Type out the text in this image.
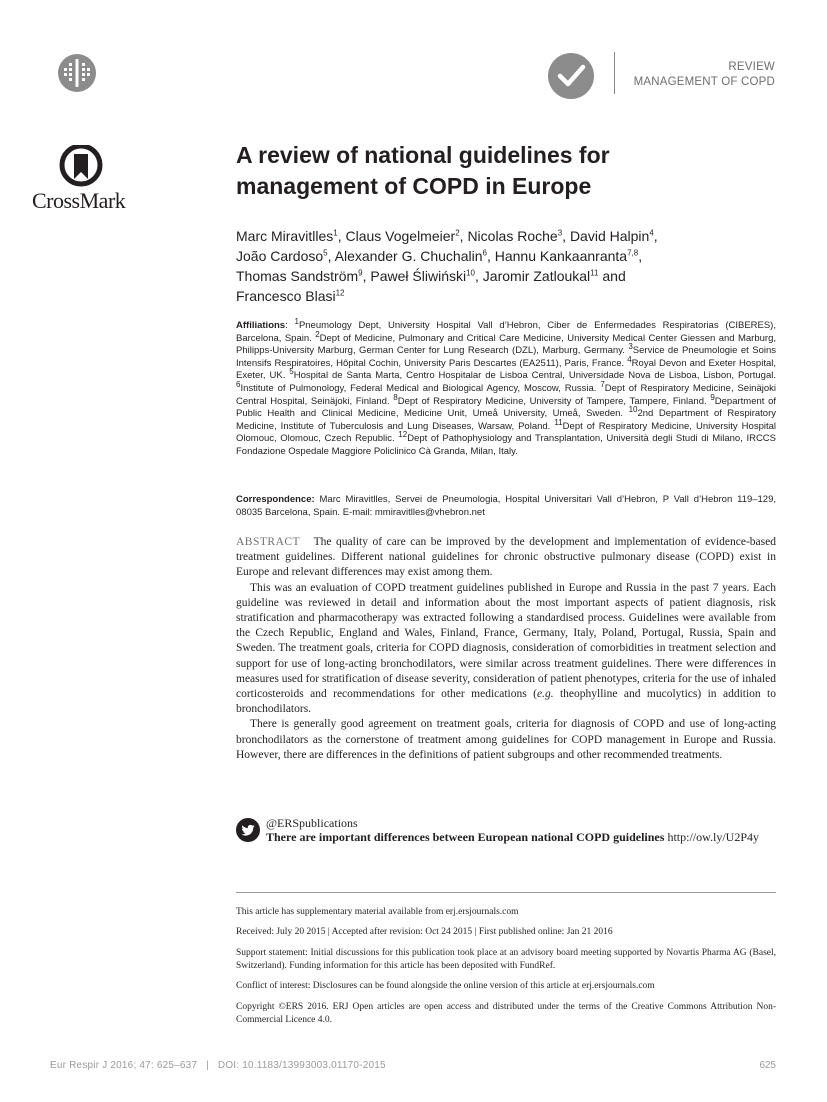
REVIEW
MANAGEMENT OF COPD
CrossMark
A review of national guidelines for
management of COPD in Europe
Marc Miravitlles$^1$, Claus Vogelmeier$^2$, Nicolas Roche$^3$, David Halpin$^4$,
João Cardoso$^5$, Alexander G. Chuchalin$^6$, Hannu Kankaanranta$^{7,8}$,
Thomas Sandström$^9$, Paweł Śliwiński$^{10}$, Jaromir Zatloukal$^{11}$ and
Francesco Blasi$^{12}$
Affiliations: $^1$Pneumology Dept, University Hospital Vall d’Hebron, Ciber de Enfermedades Respiratorias (CIBERES), Barcelona, Spain. $^2$Dept of Medicine, Pulmonary and Critical Care Medicine, University Medical Center Giessen and Marburg, Philipps-University Marburg, German Center for Lung Research (DZL), Marburg, Germany. $^3$Service de Pneumologie et Soins Intensifs Respiratoires, Hôpital Cochin, University Paris Descartes (EA2511), Paris, France. $^4$Royal Devon and Exeter Hospital, Exeter, UK. $^5$Hospital de Santa Marta, Centro Hospitalar de Lisboa Central, Universidade Nova de Lisboa, Lisbon, Portugal. $^6$Institute of Pulmonology, Federal Medical and Biological Agency, Moscow, Russia. $^7$Dept of Respiratory Medicine, Seinäjoki Central Hospital, Seinäjoki, Finland. $^8$Dept of Respiratory Medicine, University of Tampere, Tampere, Finland. $^9$Department of Public Health and Clinical Medicine, Medicine Unit, Umeå University, Umeå, Sweden. $^{10}$2nd Department of Respiratory Medicine, Institute of Tuberculosis and Lung Diseases, Warsaw, Poland. $^{11}$Dept of Respiratory Medicine, University Hospital Olomouc, Olomouc, Czech Republic. $^{12}$Dept of Pathophysiology and Transplantation, Università degli Studi di Milano, IRCCS Fondazione Ospedale Maggiore Policlinico Cà Granda, Milan, Italy.
Correspondence: Marc Miravitlles, Servei de Pneumologia, Hospital Universitari Vall d’Hebron, P Vall d’Hebron 119–129, 08035 Barcelona, Spain. E-mail: mmiravitlles@vhebron.net

ABSTRACT The quality of care can be improved by the development and implementation of evidence-based treatment guidelines. Different national guidelines for chronic obstructive pulmonary disease (COPD) exist in Europe and relevant differences may exist among them.

This was an evaluation of COPD treatment guidelines published in Europe and Russia in the past 7 years. Each guideline was reviewed in detail and information about the most important aspects of patient diagnosis, risk stratification and pharmacotherapy was extracted following a standardised process. Guidelines were available from the Czech Republic, England and Wales, Finland, France, Germany, Italy, Poland, Portugal, Russia, Spain and Sweden. The treatment goals, criteria for COPD diagnosis, consideration of comorbidities in treatment selection and support for use of long-acting bronchodilators, were similar across treatment guidelines. There were differences in measures used for stratification of disease severity, consideration of patient phenotypes, criteria for the use of inhaled corticosteroids and recommendations for other medications (e.g. theophylline and mucolytics) in addition to bronchodilators.

There is generally good agreement on treatment goals, criteria for diagnosis of COPD and use of long-acting bronchodilators as the cornerstone of treatment among guidelines for COPD management in Europe and Russia. However, there are differences in the definitions of patient subgroups and other recommended treatments.

@ERSpublications
There are important differences between European national COPD guidelines http://ow.ly/U2P4y
This article has supplementary material available from erj.ersjournals.com
Received: July 20 2015 | Accepted after revision: Oct 24 2015 | First published online: Jan 21 2016
Support statement: Initial discussions for this publication took place at an advisory board meeting supported by Novartis Pharma AG (Basel, Switzerland). Funding information for this article has been deposited with FundRef.
Conflict of interest: Disclosures can be found alongside the online version of this article at erj.ersjournals.com
Copyright ©ERS 2016. ERJ Open articles are open access and distributed under the terms of the Creative Commons Attribution Non-Commercial Licence 4.0.
Eur Respir J 2016; 47: 625–637 | DOI: 10.1183/13993003.01170-2015	625
